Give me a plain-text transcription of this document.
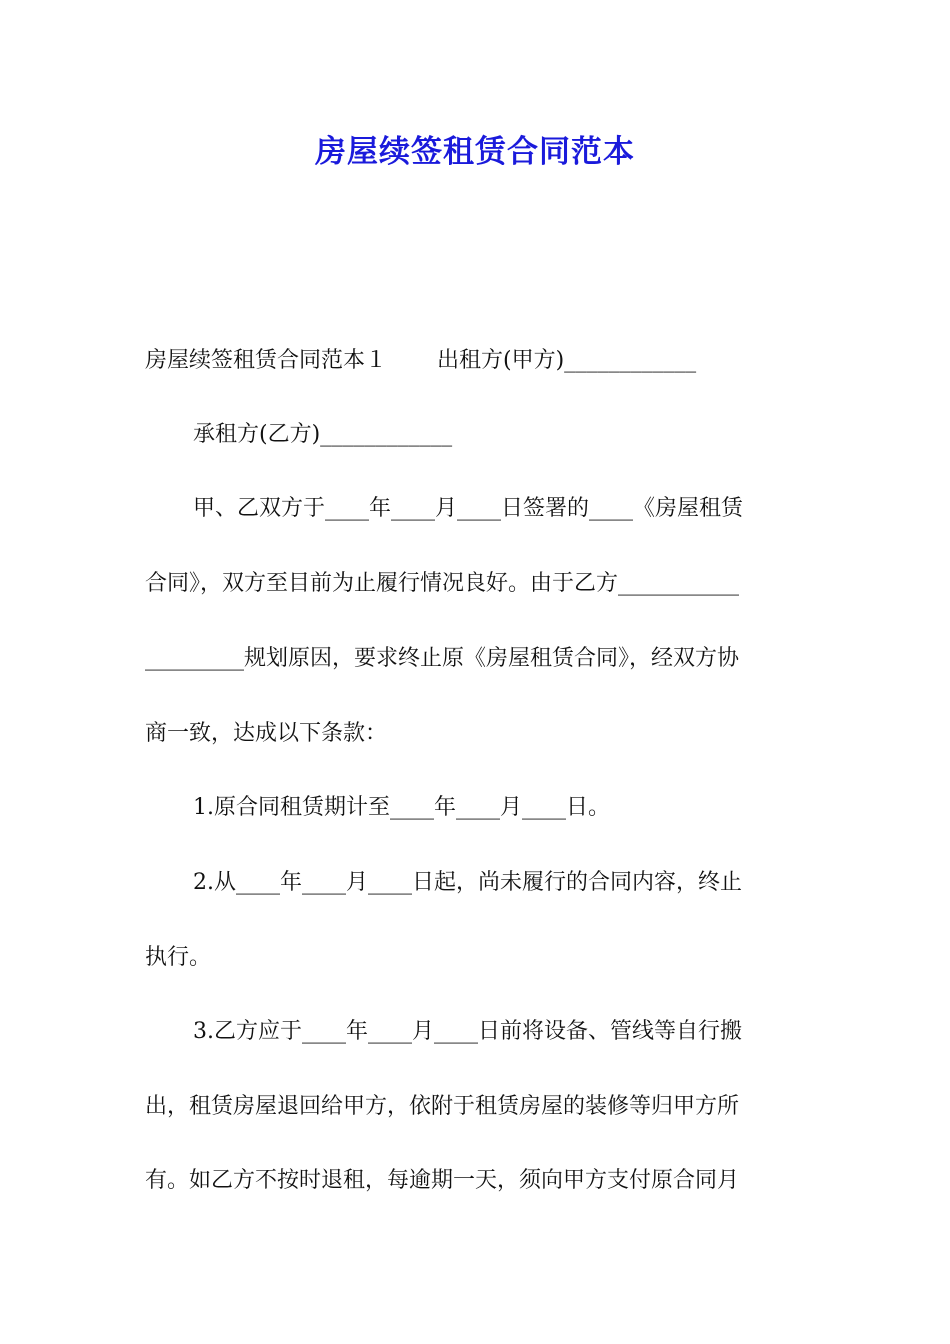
房屋续签租赁合同范本
房屋续签租赁合同范本１ 出租方(甲方)____________
承租方(乙方)____________
甲、乙双方于____年____月____日签署的____《房屋租赁
合同》，双方至目前为止履行情况良好。由于乙方___________
_________规划原因，要求终止原《房屋租赁合同》，经双方协
商一致，达成以下条款：
1.原合同租赁期计至____年____月____日。
2.从____年____月____日起，尚未履行的合同内容，终止
执行。
3.乙方应于____年____月____日前将设备、管线等自行搬
出，租赁房屋退回给甲方，依附于租赁房屋的装修等归甲方所
有。如乙方不按时退租，每逾期一天，须向甲方支付原合同月
